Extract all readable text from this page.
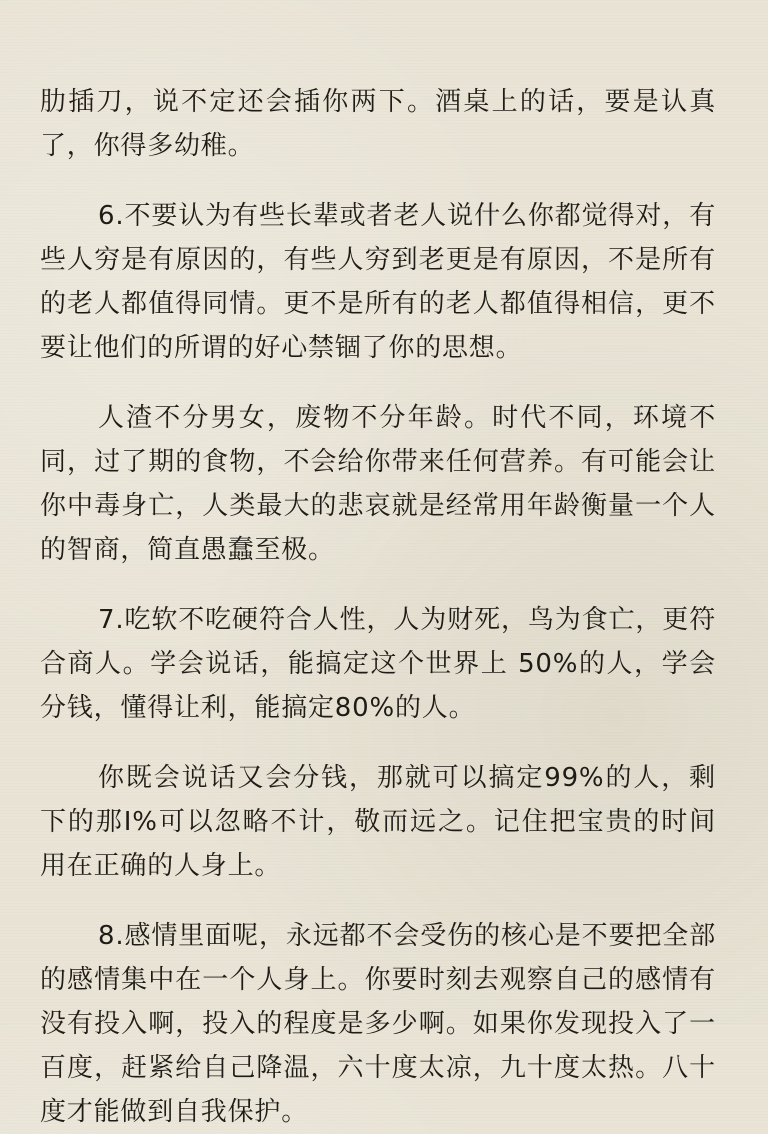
肋插刀，说不定还会插你两下。酒桌上的话，要是认真了，你得多幼稚。

6.不要认为有些长辈或者老人说什么你都觉得对，有些人穷是有原因的，有些人穷到老更是有原因，不是所有的老人都值得同情。更不是所有的老人都值得相信，更不要让他们的所谓的好心禁锢了你的思想。

人渣不分男女，废物不分年龄。时代不同，环境不同，过了期的食物，不会给你带来任何营养。有可能会让你中毒身亡，人类最大的悲哀就是经常用年龄衡量一个人的智商，简直愚蠢至极。

7.吃软不吃硬符合人性，人为财死，鸟为食亡，更符合商人。学会说话，能搞定这个世界上 50%的人，学会分钱，懂得让利，能搞定80%的人。

你既会说话又会分钱，那就可以搞定99%的人，剩下的那I%可以忽略不计，敬而远之。记住把宝贵的时间用在正确的人身上。

8.感情里面呢，永远都不会受伤的核心是不要把全部的感情集中在一个人身上。你要时刻去观察自己的感情有没有投入啊，投入的程度是多少啊。如果你发现投入了一百度，赶紧给自己降温，六十度太凉，九十度太热。八十度才能做到自我保护。
